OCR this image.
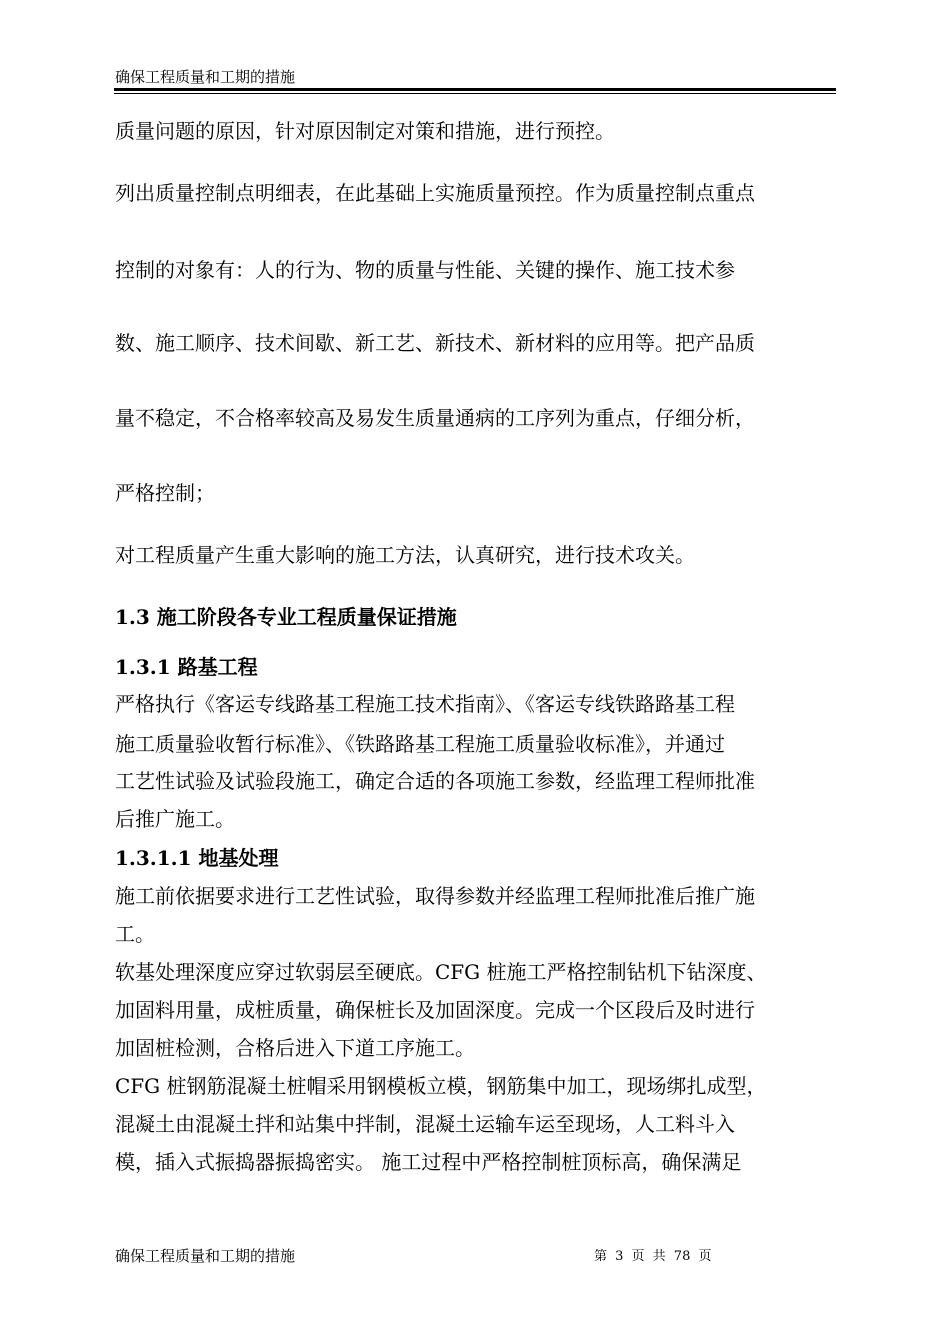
确保工程质量和工期的措施
质量问题的原因，针对原因制定对策和措施，进行预控。
列出质量控制点明细表，在此基础上实施质量预控。作为质量控制点重点
控制的对象有：人的行为、物的质量与性能、关键的操作、施工技术参
数、施工顺序、技术间歇、新工艺、新技术、新材料的应用等。把产品质
量不稳定，不合格率较高及易发生质量通病的工序列为重点，仔细分析，
严格控制；
对工程质量产生重大影响的施工方法，认真研究，进行技术攻关。
1.3 施工阶段各专业工程质量保证措施
1.3.1 路基工程
严格执行《客运专线路基工程施工技术指南》、《客运专线铁路路基工程
施工质量验收暂行标准》、《铁路路基工程施工质量验收标准》，并通过
工艺性试验及试验段施工，确定合适的各项施工参数，经监理工程师批准
后推广施工。
1.3.1.1 地基处理
施工前依据要求进行工艺性试验，取得参数并经监理工程师批准后推广施
工。
软基处理深度应穿过软弱层至硬底。CFG 桩施工严格控制钻机下钻深度、
加固料用量，成桩质量，确保桩长及加固深度。完成一个区段后及时进行
加固桩检测，合格后进入下道工序施工。
CFG 桩钢筋混凝土桩帽采用钢模板立模，钢筋集中加工，现场绑扎成型，
混凝土由混凝土拌和站集中拌制，混凝土运输车运至现场，人工料斗入
模，插入式振捣器振捣密实。 施工过程中严格控制桩顶标高，确保满足
确保工程质量和工期的措施	第 3 页 共 78 页
